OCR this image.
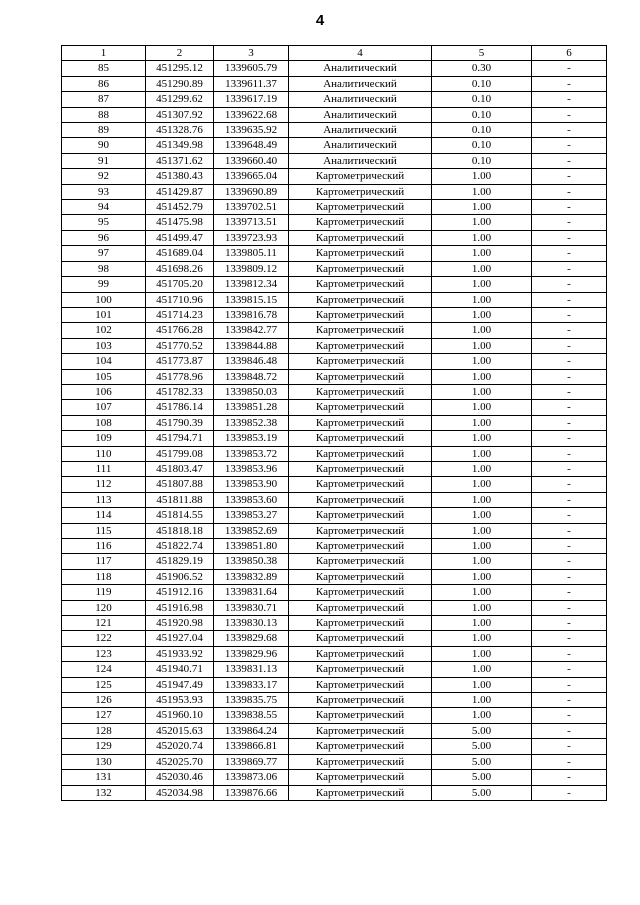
4
1	2	3	4	5	6
85	451295.12	1339605.79	Аналитический	0.30	-
86	451290.89	1339611.37	Аналитический	0.10	-
87	451299.62	1339617.19	Аналитический	0.10	-
88	451307.92	1339622.68	Аналитический	0.10	-
89	451328.76	1339635.92	Аналитический	0.10	-
90	451349.98	1339648.49	Аналитический	0.10	-
91	451371.62	1339660.40	Аналитический	0.10	-
92	451380.43	1339665.04	Картометрический	1.00	-
93	451429.87	1339690.89	Картометрический	1.00	-
94	451452.79	1339702.51	Картометрический	1.00	-
95	451475.98	1339713.51	Картометрический	1.00	-
96	451499.47	1339723.93	Картометрический	1.00	-
97	451689.04	1339805.11	Картометрический	1.00	-
98	451698.26	1339809.12	Картометрический	1.00	-
99	451705.20	1339812.34	Картометрический	1.00	-
100	451710.96	1339815.15	Картометрический	1.00	-
101	451714.23	1339816.78	Картометрический	1.00	-
102	451766.28	1339842.77	Картометрический	1.00	-
103	451770.52	1339844.88	Картометрический	1.00	-
104	451773.87	1339846.48	Картометрический	1.00	-
105	451778.96	1339848.72	Картометрический	1.00	-
106	451782.33	1339850.03	Картометрический	1.00	-
107	451786.14	1339851.28	Картометрический	1.00	-
108	451790.39	1339852.38	Картометрический	1.00	-
109	451794.71	1339853.19	Картометрический	1.00	-
110	451799.08	1339853.72	Картометрический	1.00	-
111	451803.47	1339853.96	Картометрический	1.00	-
112	451807.88	1339853.90	Картометрический	1.00	-
113	451811.88	1339853.60	Картометрический	1.00	-
114	451814.55	1339853.27	Картометрический	1.00	-
115	451818.18	1339852.69	Картометрический	1.00	-
116	451822.74	1339851.80	Картометрический	1.00	-
117	451829.19	1339850.38	Картометрический	1.00	-
118	451906.52	1339832.89	Картометрический	1.00	-
119	451912.16	1339831.64	Картометрический	1.00	-
120	451916.98	1339830.71	Картометрический	1.00	-
121	451920.98	1339830.13	Картометрический	1.00	-
122	451927.04	1339829.68	Картометрический	1.00	-
123	451933.92	1339829.96	Картометрический	1.00	-
124	451940.71	1339831.13	Картометрический	1.00	-
125	451947.49	1339833.17	Картометрический	1.00	-
126	451953.93	1339835.75	Картометрический	1.00	-
127	451960.10	1339838.55	Картометрический	1.00	-
128	452015.63	1339864.24	Картометрический	5.00	-
129	452020.74	1339866.81	Картометрический	5.00	-
130	452025.70	1339869.77	Картометрический	5.00	-
131	452030.46	1339873.06	Картометрический	5.00	-
132	452034.98	1339876.66	Картометрический	5.00	-
